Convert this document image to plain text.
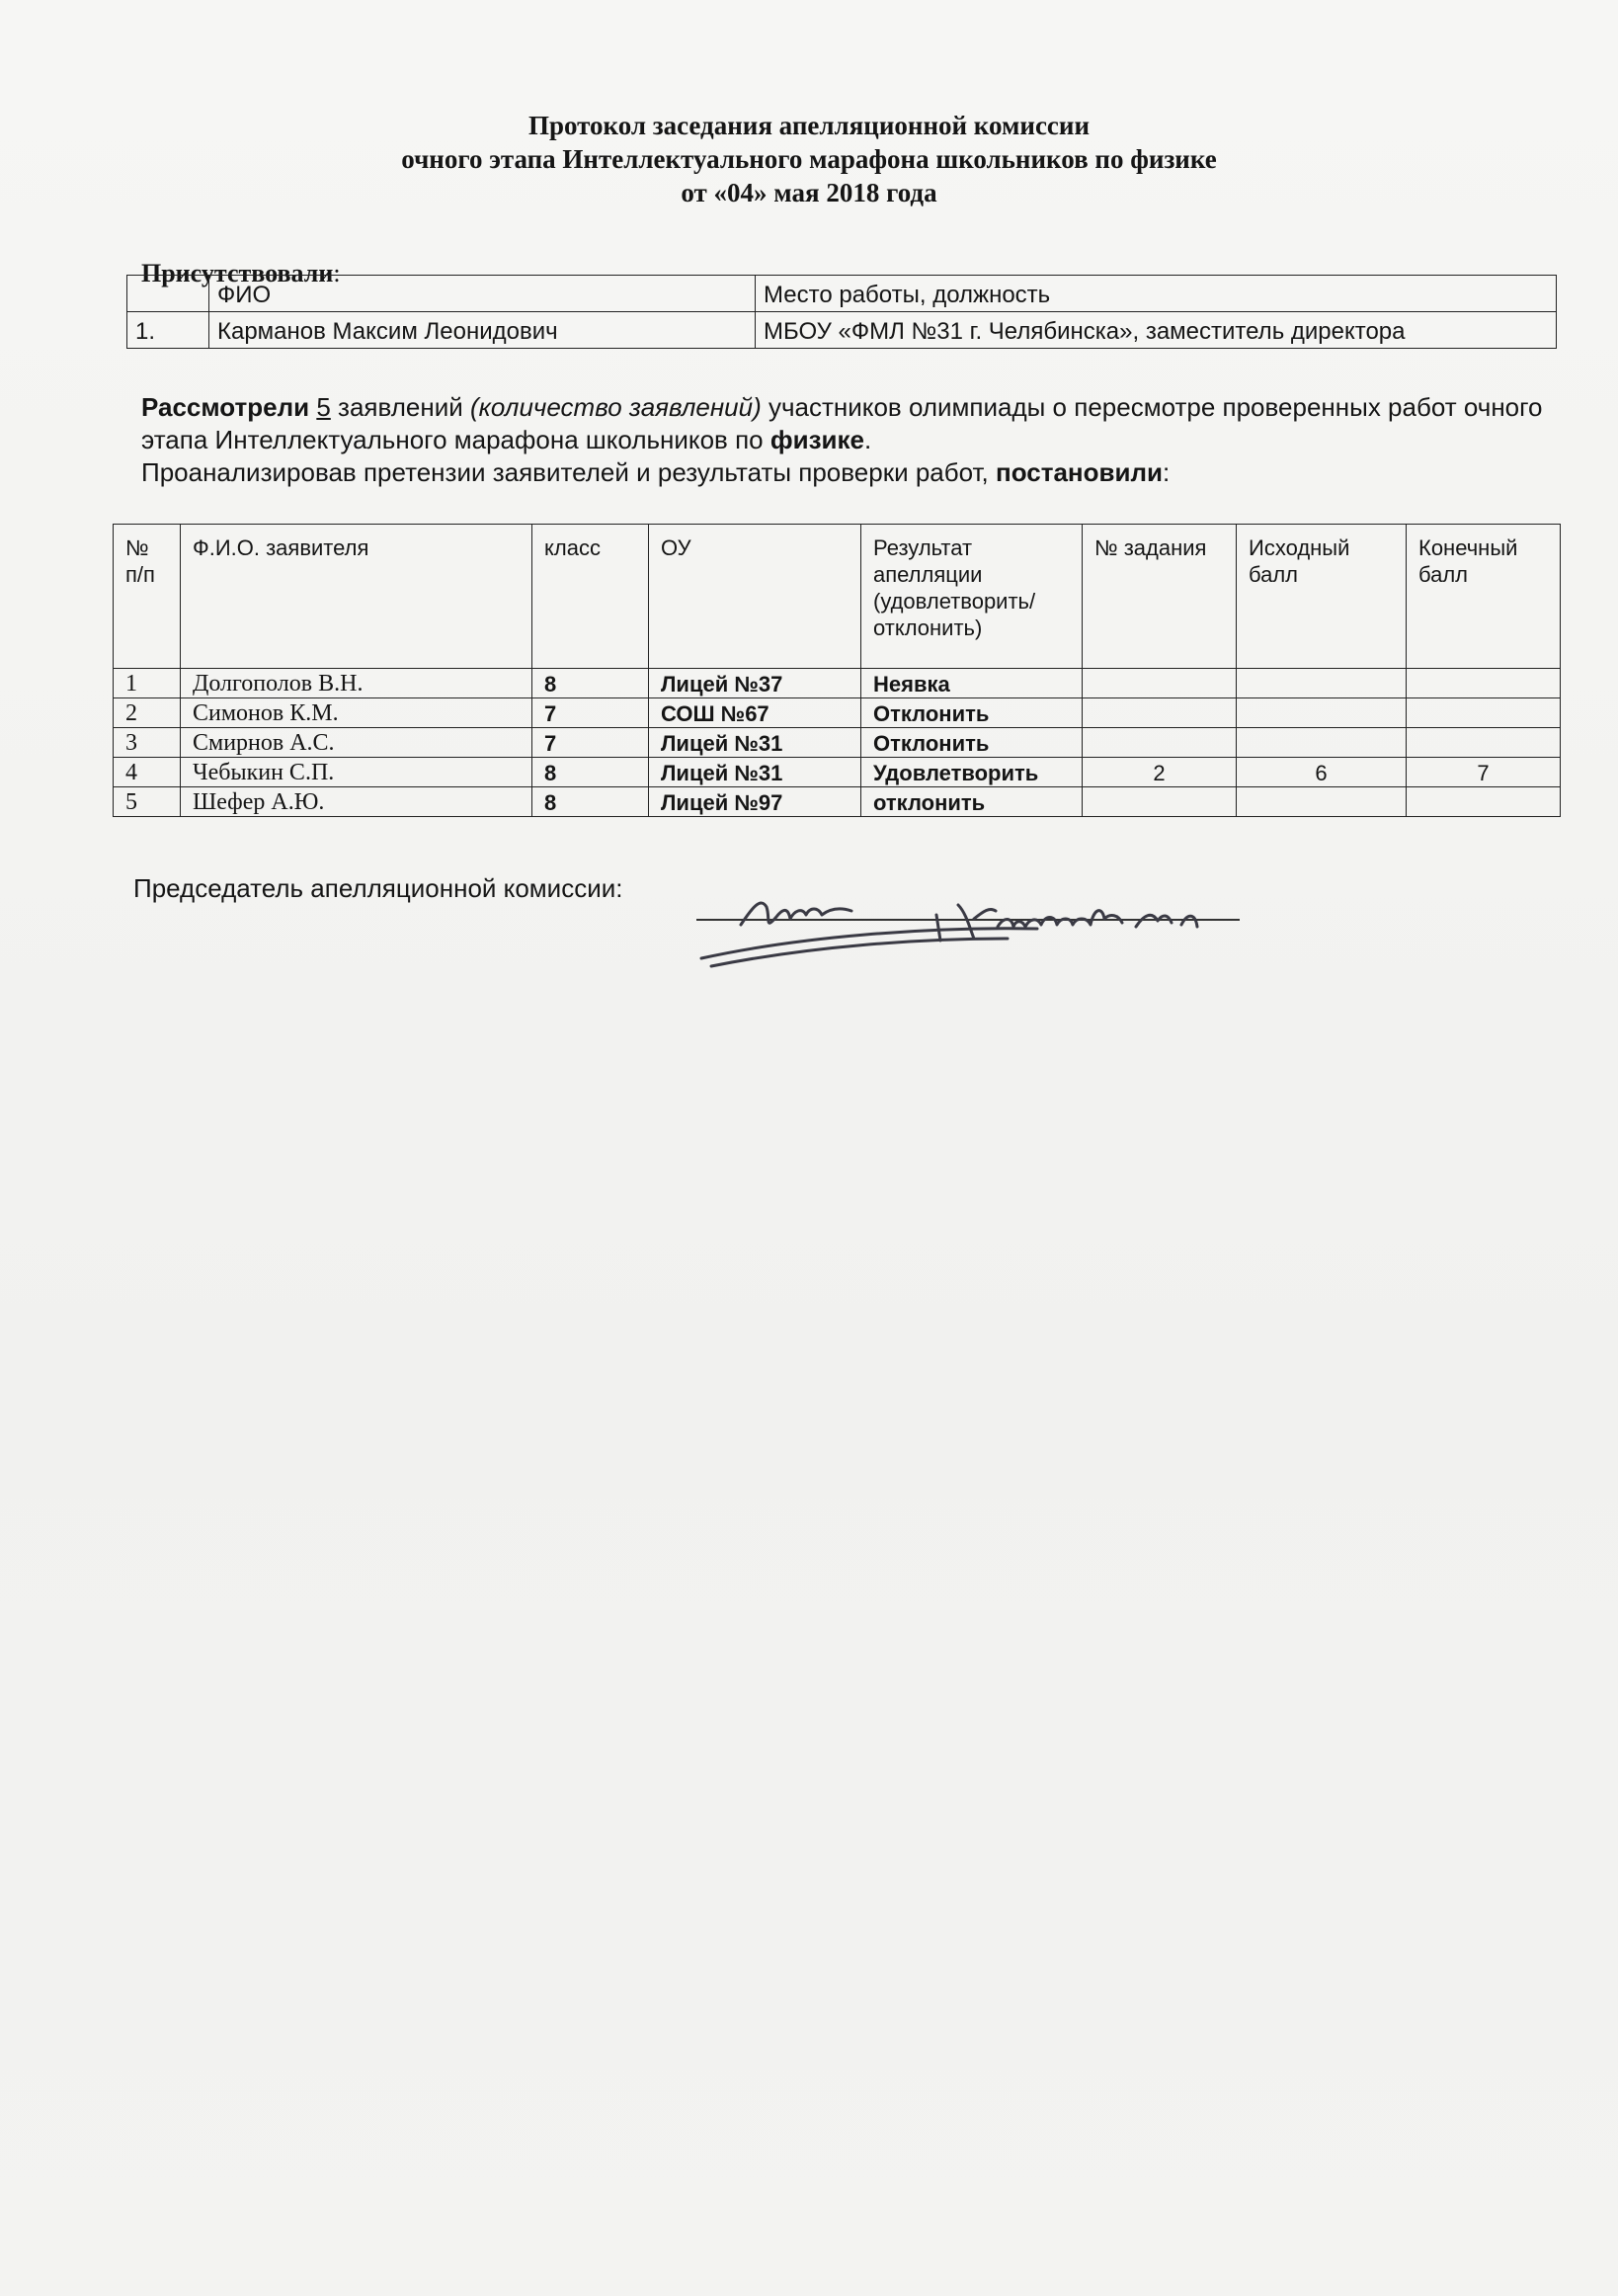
Протокол заседания апелляционной комиссии
очного этапа Интеллектуального марафона школьников по физике
от «04» мая 2018 года
Присутствовали:
	ФИО	Место работы, должность
1.	Карманов Максим Леонидович	МБОУ «ФМЛ №31 г. Челябинска», заместитель директора
Рассмотрели 5 заявлений (количество заявлений) участников олимпиады о пересмотре проверенных работ очного этапа Интеллектуального марафона школьников по физике.
Проанализировав претензии заявителей и результаты проверки работ, постановили:
№ п/п	Ф.И.О. заявителя	класс	ОУ	Результат апелляции (удовлетворить/ отклонить)	№ задания	Исходный балл	Конечный балл
1	Долгополов В.Н.	8	Лицей №37	Неявка			
2	Симонов К.М.	7	СОШ №67	Отклонить			
3	Смирнов А.С.	7	Лицей №31	Отклонить			
4	Чебыкин С.П.	8	Лицей №31	Удовлетворить	2	6	7
5	Шефер А.Ю.	8	Лицей №97	отклонить			
Председатель апелляционной комиссии:
